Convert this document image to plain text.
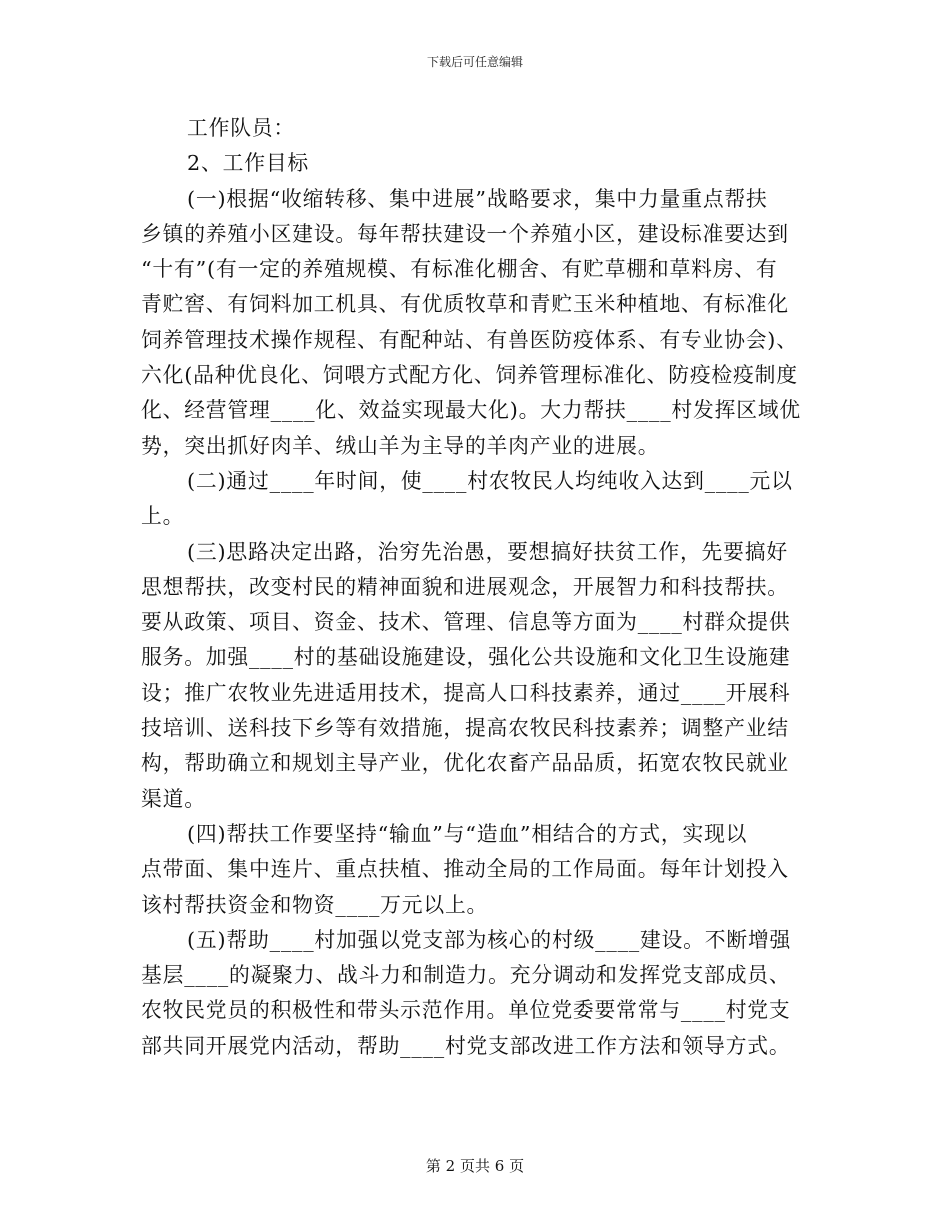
下载后可任意编辑
工作队员：
2、工作目标
(一)根据“收缩转移、集中进展”战略要求，集中力量重点帮扶
乡镇的养殖小区建设。每年帮扶建设一个养殖小区，建设标准要达到
“十有”(有一定的养殖规模、有标准化棚舍、有贮草棚和草料房、有
青贮窖、有饲料加工机具、有优质牧草和青贮玉米种植地、有标准化
饲养管理技术操作规程、有配种站、有兽医防疫体系、有专业协会)、
六化(品种优良化、饲喂方式配方化、饲养管理标准化、防疫检疫制度
化、经营管理____化、效益实现最大化)。大力帮扶____村发挥区域优
势，突出抓好肉羊、绒山羊为主导的羊肉产业的进展。
(二)通过____年时间，使____村农牧民人均纯收入达到____元以
上。
(三)思路决定出路，治穷先治愚，要想搞好扶贫工作，先要搞好
思想帮扶，改变村民的精神面貌和进展观念，开展智力和科技帮扶。
要从政策、项目、资金、技术、管理、信息等方面为____村群众提供
服务。加强____村的基础设施建设，强化公共设施和文化卫生设施建
设；推广农牧业先进适用技术，提高人口科技素养，通过____开展科
技培训、送科技下乡等有效措施，提高农牧民科技素养；调整产业结
构，帮助确立和规划主导产业，优化农畜产品品质，拓宽农牧民就业
渠道。
(四)帮扶工作要坚持“输血”与“造血”相结合的方式，实现以
点带面、集中连片、重点扶植、推动全局的工作局面。每年计划投入
该村帮扶资金和物资____万元以上。
(五)帮助____村加强以党支部为核心的村级____建设。不断增强
基层____的凝聚力、战斗力和制造力。充分调动和发挥党支部成员、
农牧民党员的积极性和带头示范作用。单位党委要常常与____村党支
部共同开展党内活动，帮助____村党支部改进工作方法和领导方式。
第 2 页共 6 页
